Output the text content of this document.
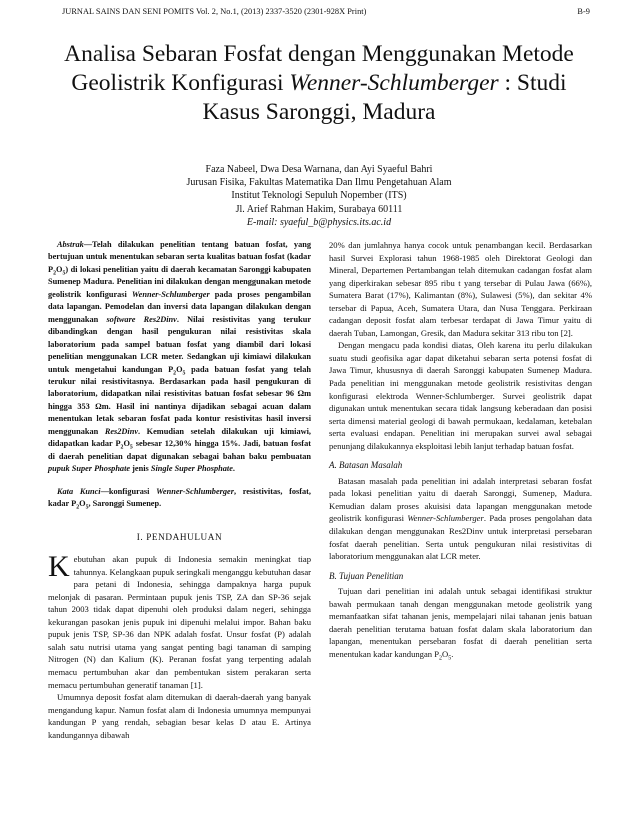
JURNAL SAINS DAN SENI POMITS Vol. 2, No.1, (2013) 2337-3520 (2301-928X Print)	B-9
Analisa Sebaran Fosfat dengan Menggunakan Metode Geolistrik Konfigurasi Wenner-Schlumberger : Studi Kasus Saronggi, Madura
Faza Nabeel, Dwa Desa Warnana, dan Ayi Syaeful Bahri
Jurusan Fisika, Fakultas Matematika Dan Ilmu Pengetahuan Alam
Institut Teknologi Sepuluh Nopember (ITS)
Jl. Arief Rahman Hakim, Surabaya 60111
E-mail: syaeful_b@physics.its.ac.id

Abstrak—Telah dilakukan penelitian tentang batuan fosfat, yang bertujuan untuk menentukan sebaran serta kualitas batuan fosfat (kadar $P_2O_5$) di lokasi penelitian yaitu di daerah kecamatan Saronggi kabupaten Sumenep Madura. Penelitian ini dilakukan dengan menggunakan metode geolistrik konfigurasi Wenner-Schlumberger pada proses pengambilan data lapangan. Pemodelan dan inversi data lapangan dilakukan dengan menggunakan software Res2Dinv. Nilai resistivitas yang terukur dibandingkan dengan hasil pengukuran nilai resistivitas skala laboratorium pada sampel batuan fosfat yang diambil dari lokasi penelitian menggunakan LCR meter. Sedangkan uji kimiawi dilakukan untuk mengetahui kandungan $P_2O_5$ pada batuan fosfat yang telah terukur nilai resistivitasnya. Berdasarkan pada hasil pengukuran di laboratorium, didapatkan nilai resistivitas batuan fosfat sebesar 96 Ωm hingga 353 Ωm. Hasil ini nantinya dijadikan sebagai acuan dalam menentukan letak sebaran fosfat pada kontur resistivitas hasil inversi menggunakan Res2Dinv. Kemudian setelah dilakukan uji kimiawi, didapatkan kadar $P_2O_5$ sebesar 12,30% hingga 15%. Jadi, batuan fosfat di daerah penelitian dapat digunakan sebagai bahan baku pembuatan pupuk Super Phosphate jenis Single Super Phosphate.

Kata Kunci—konfigurasi Wenner-Schlumberger, resistivitas, fosfat, kadar $P_2O_5$, Saronggi Sumenep.

I. PENDAHULUAN

Kebutuhan akan pupuk di Indonesia semakin meningkat tiap tahunnya. Kelangkaan pupuk seringkali menganggu kebutuhan dasar para petani di Indonesia, sehingga dampaknya harga pupuk melonjak di pasaran. Permintaan pupuk jenis TSP, ZA dan SP-36 sejak tahun 2003 tidak dapat dipenuhi oleh produksi dalam negeri, sehingga kekurangan pasokan jenis pupuk ini dipenuhi melalui impor. Bahan baku pupuk jenis TSP, SP-36 dan NPK adalah fosfat. Unsur fosfat (P) adalah salah satu nutrisi utama yang sangat penting bagi tanaman di samping Nitrogen (N) dan Kalium (K). Peranan fosfat yang terpenting adalah memacu pertumbuhan akar dan pembentukan sistem perakaran serta memacu pertumbuhan generatif tanaman [1].

Umumnya deposit fosfat alam ditemukan di daerah-daerah yang banyak mengandung kapur. Namun fosfat alam di Indonesia umumnya mempunyai kandungan P yang rendah, sebagian besar kelas D atau E. Artinya kandungannya dibawah

20% dan jumlahnya hanya cocok untuk penambangan kecil. Berdasarkan hasil Survei Explorasi tahun 1968-1985 oleh Direktorat Geologi dan Mineral, Departemen Pertambangan telah ditemukan cadangan fosfat alam yang diperkirakan sebesar 895 ribu t yang tersebar di Pulau Jawa (66%), Sumatera Barat (17%), Kalimantan (8%), Sulawesi (5%), dan sekitar 4% tersebar di Papua, Aceh, Sumatera Utara, dan Nusa Tenggara. Perkiraan cadangan deposit fosfat alam terbesar terdapat di Jawa Timur yaitu di daerah Tuban, Lamongan, Gresik, dan Madura sekitar 313 ribu ton [2].

Dengan mengacu pada kondisi diatas, Oleh karena itu perlu dilakukan suatu studi geofisika agar dapat diketahui sebaran serta potensi fosfat di Jawa Timur, khususnya di daerah Saronggi kabupaten Sumenep Madura. Pada penelitian ini menggunakan metode geolistrik resistivitas dengan konfigurasi elektroda Wenner-Schlumberger. Survei geolistrik dapat digunakan untuk menentukan secara tidak langsung keberadaan dan posisi serta dimensi material geologi di bawah permukaan, kedalaman, ketebalan serta evaluasi endapan. Penelitian ini merupakan survei awal sebagai penunjang dilakukannya eksploitasi lebih lanjut terhadap batuan fosfat.

A. Batasan Masalah

Batasan masalah pada penelitian ini adalah interpretasi sebaran fosfat pada lokasi penelitian yaitu di daerah Saronggi, Sumenep, Madura. Kemudian dalam proses akuisisi data lapangan menggunakan metode geolistrik konfigurasi Wenner-Schlumberger. Pada proses pengolahan data dilakukan dengan menggunakan Res2Dinv untuk interpretasi persebaran fosfat daerah penelitian. Serta untuk pengukuran nilai resistivitas di laboratorium menggunakan alat LCR meter.

B. Tujuan Penelitian

Tujuan dari penelitian ini adalah untuk sebagai identifikasi struktur bawah permukaan tanah dengan menggunakan metode geolistrik yang memanfaatkan sifat tahanan jenis, mempelajari nilai tahanan jenis batuan daerah penelitian terutama batuan fosfat dalam skala laboratorium dan lapangan, menentukan persebaran fosfat di daerah penelitian serta menentukan kadar kandungan $P_2O_5$.
